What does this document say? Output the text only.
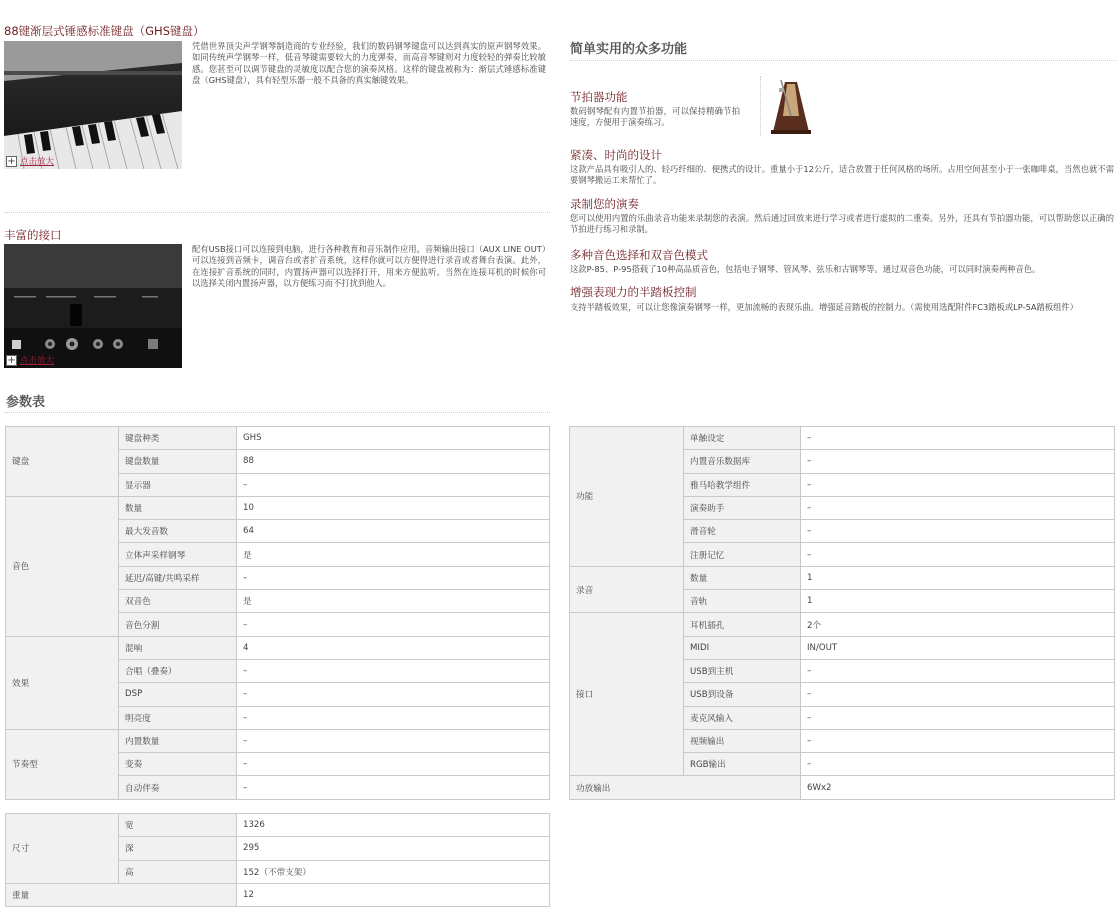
88键渐层式锤感标准键盘（GHS键盘）
+ 点击放大
凭借世界顶尖声学钢琴制造商的专业经验，我们的数码钢琴键盘可以达到真实的原声钢琴效果。如同传统声学钢琴一样，低音琴键需要较大的力度弹奏，而高音琴键则对力度较轻的弹奏比较敏感。您甚至可以调节键盘的灵敏度以配合您的演奏风格。这样的键盘被称为：渐层式锤感标准键盘（GHS键盘），具有轻型乐器一般不具备的真实触键效果。
丰富的接口
+ 点击放大
配有USB接口可以连接到电脑，进行各种教育和音乐制作应用。音频输出接口（AUX LINE OUT）可以连接到音频卡，调音台或者扩音系统，这样你就可以方便得进行录音或者舞台表演。此外，在连接扩音系统的同时，内置扬声器可以选择打开，用来方便监听。当然在连接耳机的时候你可以选择关闭内置扬声器，以方便练习而不打扰到他人。
简单实用的众多功能
节拍器功能
数码钢琴配有内置节拍器，可以保持精确节拍速度，方便用于演奏练习。
紧凑、时尚的设计
这款产品具有吸引人的、轻巧纤细的、便携式的设计。重量小于12公斤，适合放置于任何风格的场所。占用空间甚至小于一张咖啡桌，当然也就不需要钢琴搬运工来帮忙了。
录制您的演奏
您可以使用内置的乐曲录音功能来录制您的表演。然后通过回放来进行学习或者进行虚拟的二重奏。另外，还具有节拍器功能，可以帮助您以正确的节拍进行练习和录制。
多种音色选择和双音色模式
这款P-85、P-95搭载了10种高品质音色，包括电子钢琴、管风琴、弦乐和古钢琴等。通过双音色功能，可以同时演奏两种音色。
增强表现力的半踏板控制
支持半踏板效果，可以让您像演奏钢琴一样，更加流畅的表现乐曲。增强延音踏板的控制力。（需使用选配附件FC3踏板或LP-5A踏板组件）
参数表
键盘	键盘种类	GHS
	键盘数量	88
	显示器	–
音色	数量	10
	最大发音数	64
	立体声采样钢琴	是
	延迟/高键/共鸣采样	–
	双音色	是
	音色分割	–
效果	混响	4
	合唱（叠奏）	–
	DSP	–
	明亮度	–
节奏型	内置数量	–
	变奏	–
	自动伴奏	–
功能	单触设定	–
	内置音乐数据库	–
	雅马哈教学组件	–
	演奏助手	–
	滑音轮	–
	注册记忆	–
录音	数量	1
	音轨	1
接口	耳机插孔	2个
	MIDI	IN/OUT
	USB到主机	–
	USB到设备	–
	麦克风输入	–
	视频输出	–
	RGB输出	–
功放输出		6Wx2
尺寸	宽	1326
	深	295
	高	152（不带支架）
重量		12
